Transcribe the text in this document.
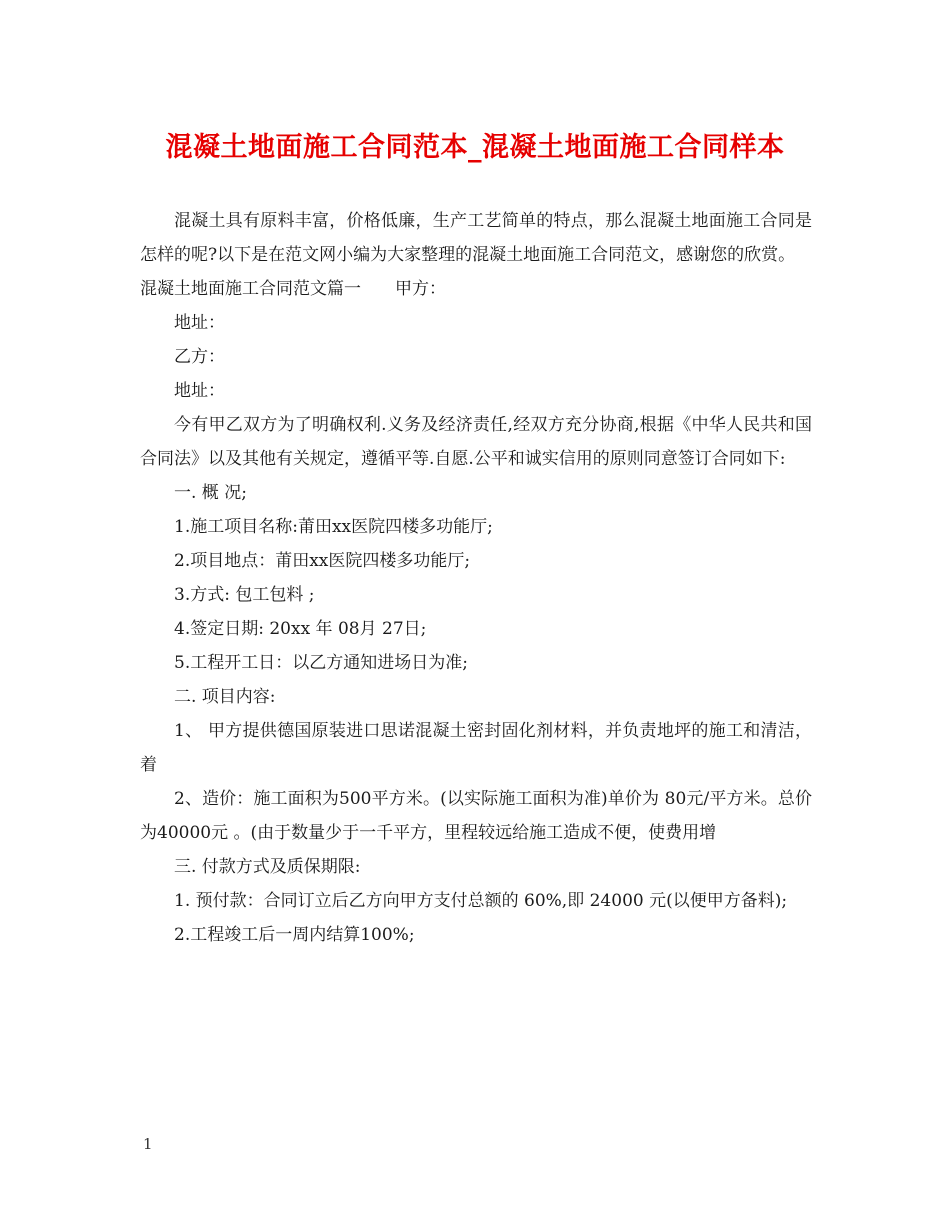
混凝土地面施工合同范本_混凝土地面施工合同样本

混凝土具有原料丰富，价格低廉，生产工艺简单的特点，那么混凝土地面施工合同是怎样的呢?以下是在范文网小编为大家整理的混凝土地面施工合同范文，感谢您的欣赏。

混凝土地面施工合同范文篇一　　甲方：

地址：

乙方：

地址：

今有甲乙双方为了明确权利.义务及经济责任,经双方充分协商,根据《中华人民共和国合同法》以及其他有关规定，遵循平等.自愿.公平和诚实信用的原则同意签订合同如下:

一. 概 况;

1.施工项目名称:莆田xx医院四楼多功能厅;

2.项目地点：莆田xx医院四楼多功能厅;

3.方式: 包工包料 ;

4.签定日期: 20xx 年 08月 27日;

5.工程开工日：以乙方通知进场日为准;

二. 项目内容:

1、 甲方提供德国原装进口思诺混凝土密封固化剂材料，并负责地坪的施工和清洁，着

2、造价：施工面积为500平方米。(以实际施工面积为准)单价为 80元/平方米。总价为40000元 。(由于数量少于一千平方，里程较远给施工造成不便，使费用增

三. 付款方式及质保期限:

1. 预付款：合同订立后乙方向甲方支付总额的 60%,即 24000 元(以便甲方备料);

2.工程竣工后一周内结算100%;

1
